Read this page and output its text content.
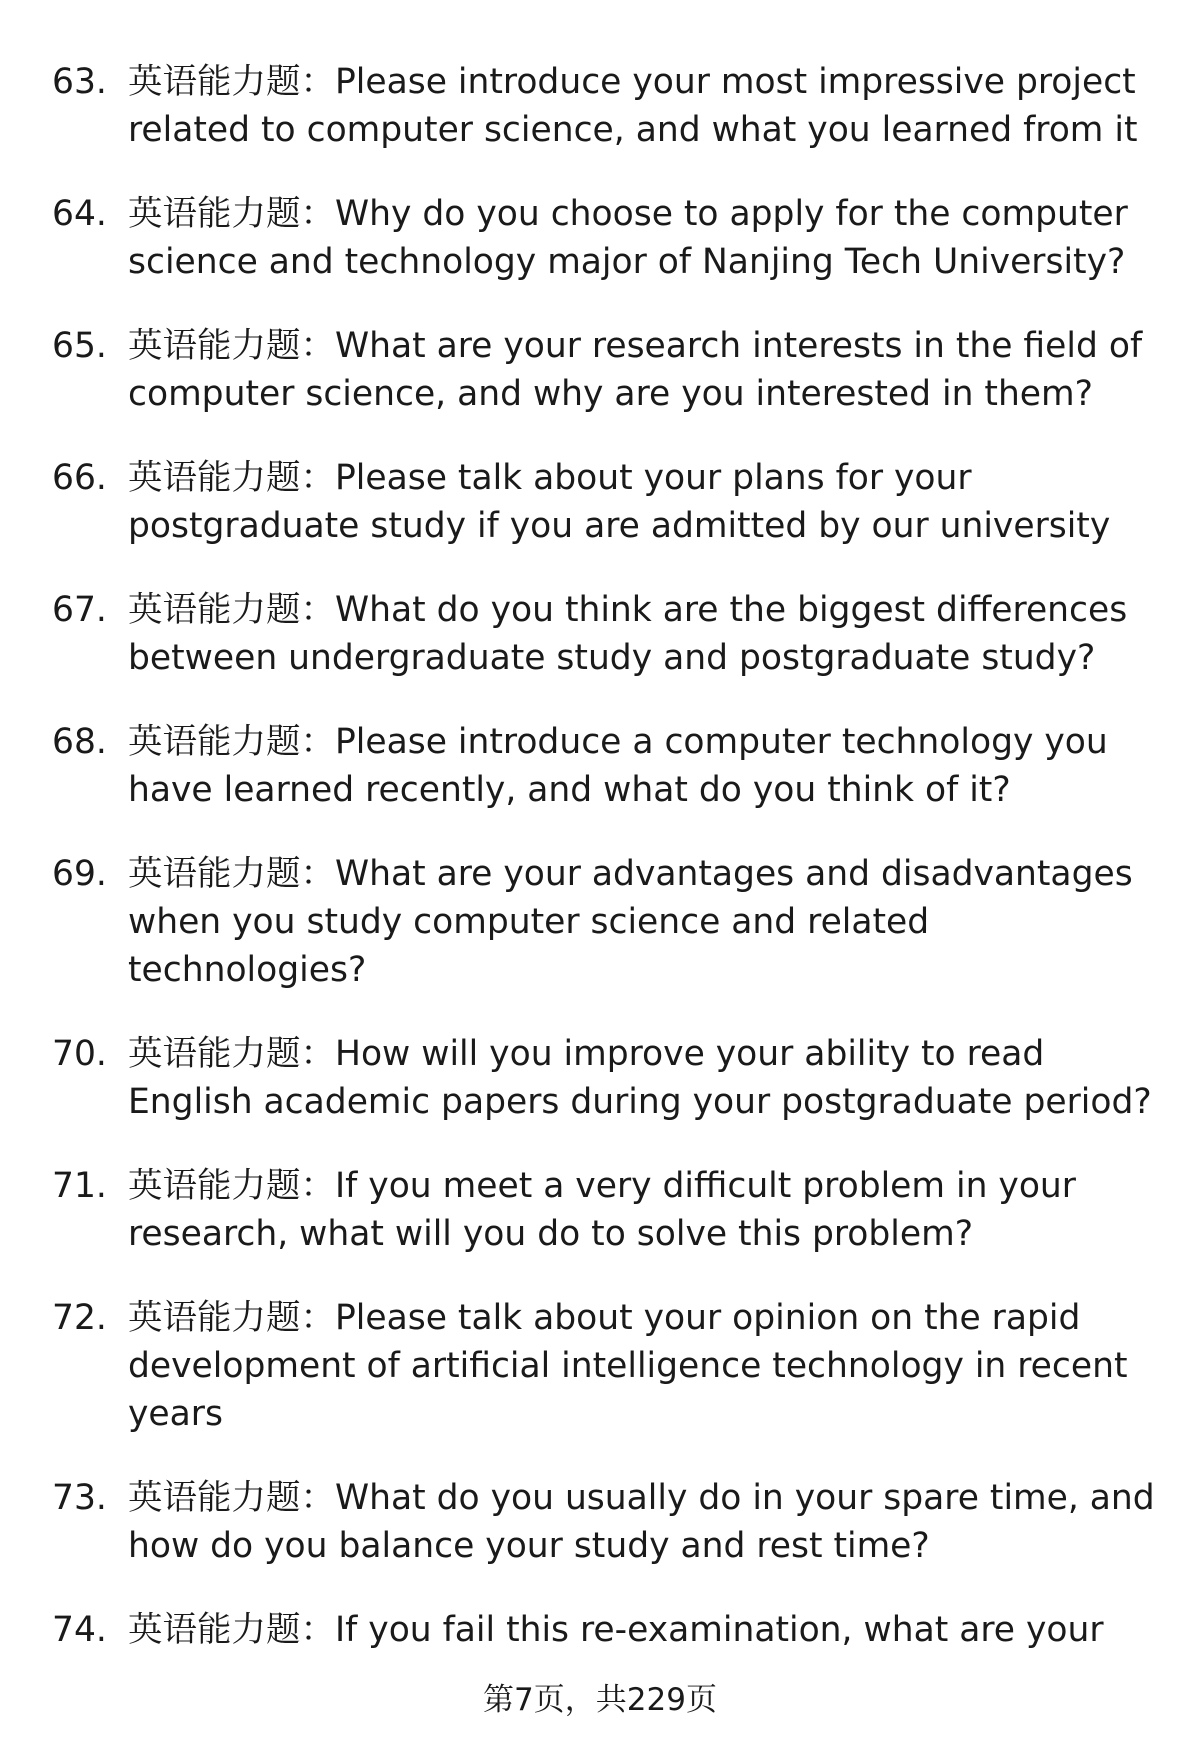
63. 英语能力题：Please introduce your most impressive project related to computer science, and what you learned from it
64. 英语能力题：Why do you choose to apply for the computer science and technology major of Nanjing Tech University?
65. 英语能力题：What are your research interests in the field of computer science, and why are you interested in them?
66. 英语能力题：Please talk about your plans for your postgraduate study if you are admitted by our university
67. 英语能力题：What do you think are the biggest differences between undergraduate study and postgraduate study?
68. 英语能力题：Please introduce a computer technology you have learned recently, and what do you think of it?
69. 英语能力题：What are your advantages and disadvantages when you study computer science and related technologies?
70. 英语能力题：How will you improve your ability to read English academic papers during your postgraduate period?
71. 英语能力题：If you meet a very difficult problem in your research, what will you do to solve this problem?
72. 英语能力题：Please talk about your opinion on the rapid development of artificial intelligence technology in recent years
73. 英语能力题：What do you usually do in your spare time, and how do you balance your study and rest time?
74. 英语能力题：If you fail this re-examination, what are your
第7页，共229页
